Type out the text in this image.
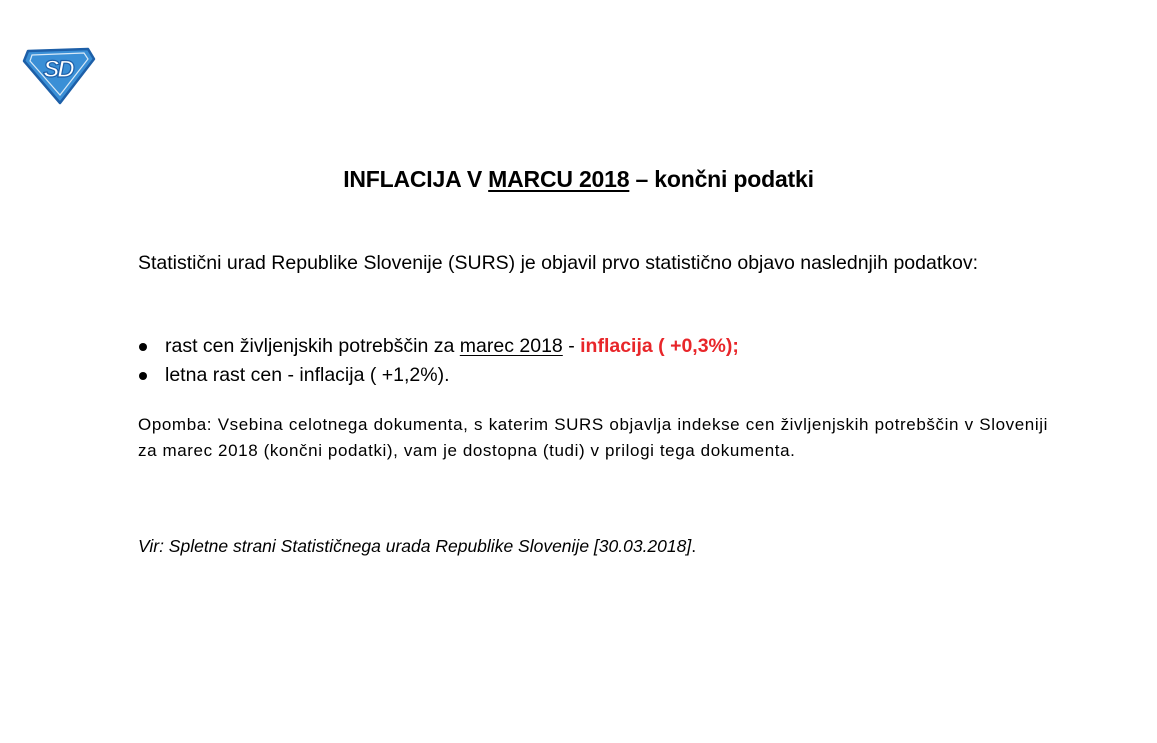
SD
INFLACIJA V MARCU 2018 – končni podatki

Statistični urad Republike Slovenije (SURS) je objavil prvo statistično objavo naslednjih podatkov:

rast cen življenjskih potrebščin za marec 2018 - inflacija ( +0,3%);
letna rast cen - inflacija ( +1,2%).

Opomba: Vsebina celotnega dokumenta, s katerim SURS objavlja indekse cen življenjskih potrebščin v Sloveniji za marec 2018 (končni podatki), vam je dostopna (tudi) v prilogi tega dokumenta.

Vir: Spletne strani Statističnega urada Republike Slovenije [30.03.2018].
